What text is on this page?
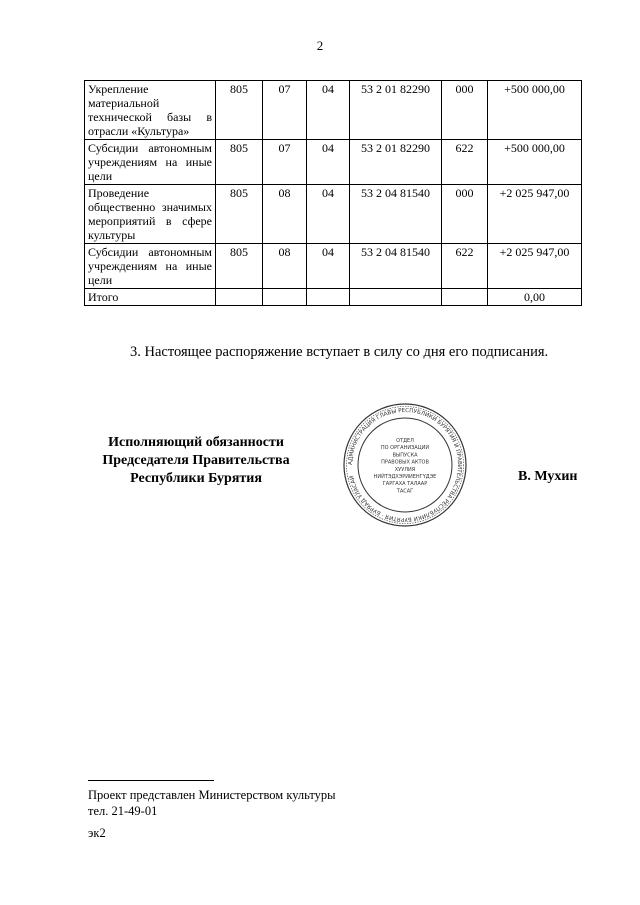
2
Укрепление материальной технической базы в отрасли «Культура»	805	07	04	53 2 01 82290	000	+500 000,00
Субсидии автономным учреждениям на иные цели	805	07	04	53 2 01 82290	622	+500 000,00
Проведение общественно значимых мероприятий в сфере культуры	805	08	04	53 2 04 81540	000	+2 025 947,00
Субсидии автономным учреждениям на иные цели	805	08	04	53 2 04 81540	622	+2 025 947,00
Итого						0,00
3. Настоящее распоряжение вступает в силу со дня его подписания.
Исполняющий обязанности
Председателя Правительства
Республики Бурятия
АДМИНИСТРАЦИЯ ГЛАВЫ РЕСПУБЛИКИ БУРЯТИЯ И ПРАВИТЕЛЬСТВА РЕСПУБЛИКИ БУРЯТИЯ · БУРЯАД УЛАСАЙ
ОТДЕЛ
ПО ОРГАНИЗАЦИИ
ВЫПУСКА
ПРАВОВЫХ АКТОВ
ХУУЛИЯ
НИЙТЭДХЭРИИЕНГҮДЭЕ
ГАРГАХА ТАЛААР
ТАСАГ
В. Мухин
Проект представлен Министерством культуры
тел. 21-49-01
эк2
